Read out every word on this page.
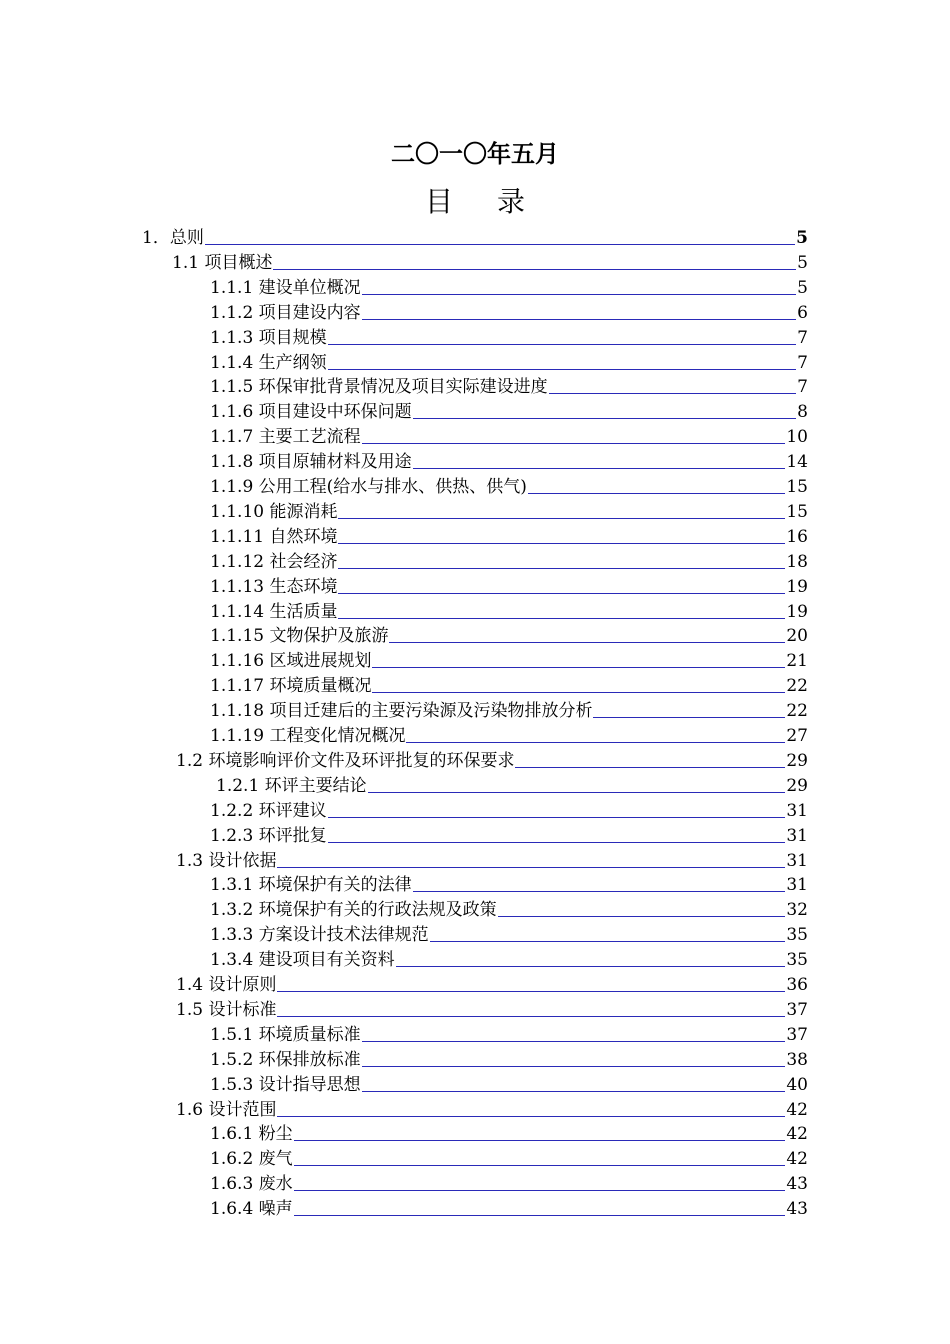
二〇一〇年五月
目 录
1．总则	5
1.1 项目概述	5
1.1.1 建设单位概况	5
1.1.2 项目建设内容	6
1.1.3 项目规模	7
1.1.4 生产纲领	7
1.1.5 环保审批背景情况及项目实际建设进度	7
1.1.6 项目建设中环保问题	8
1.1.7 主要工艺流程	10
1.1.8 项目原辅材料及用途	14
1.1.9 公用工程(给水与排水、供热、供气)	15
1.1.10 能源消耗	15
1.1.11 自然环境	16
1.1.12 社会经济	18
1.1.13 生态环境	19
1.1.14 生活质量	19
1.1.15 文物保护及旅游	20
1.1.16 区域进展规划	21
1.1.17 环境质量概况	22
1.1.18 项目迁建后的主要污染源及污染物排放分析	22
1.1.19 工程变化情况概况	27
1.2 环境影响评价文件及环评批复的环保要求	29
1.2.1 环评主要结论	29
1.2.2 环评建议	31
1.2.3 环评批复	31
1.3 设计依据	31
1.3.1 环境保护有关的法律	31
1.3.2 环境保护有关的行政法规及政策	32
1.3.3 方案设计技术法律规范	35
1.3.4 建设项目有关资料	35
1.4 设计原则	36
1.5 设计标准	37
1.5.1 环境质量标准	37
1.5.2 环保排放标准	38
1.5.3 设计指导思想	40
1.6 设计范围	42
1.6.1 粉尘	42
1.6.2 废气	42
1.6.3 废水	43
1.6.4 噪声	43
